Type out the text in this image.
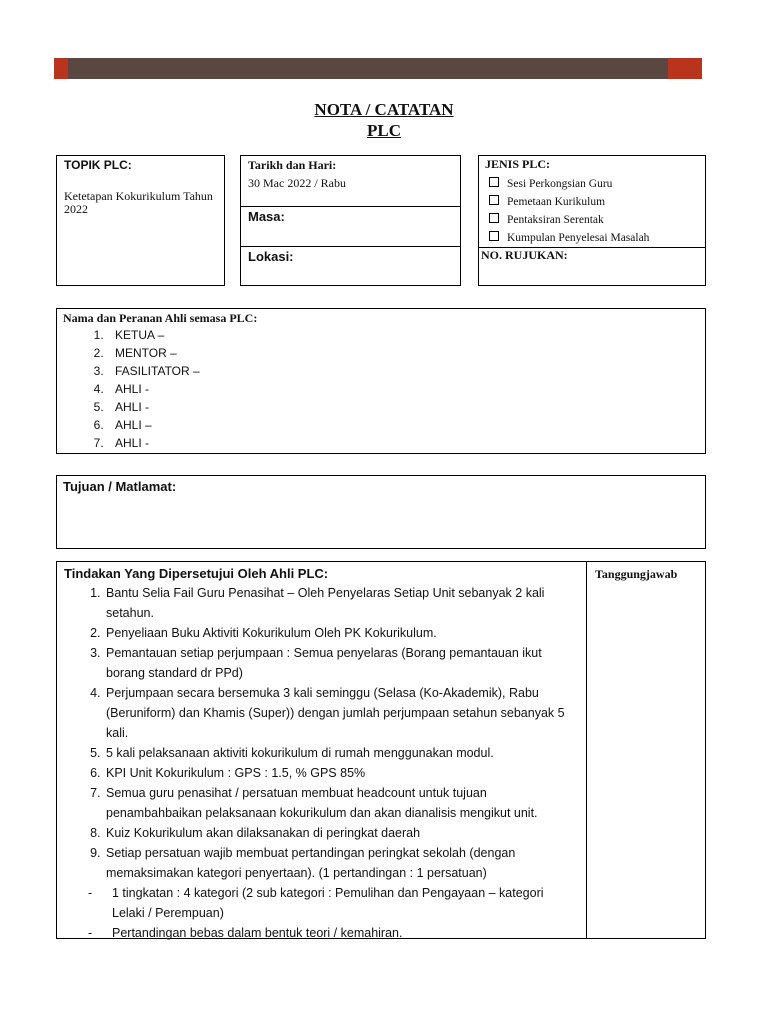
NOTA / CATATAN
PLC
TOPIK PLC:
Ketetapan Kokurikulum Tahun 2022
Tarikh dan Hari:
30 Mac 2022 / Rabu
Masa:
Lokasi:
JENIS PLC:
Sesi Perkongsian Guru
Pemetaan Kurikulum
Pentaksiran Serentak
Kumpulan Penyelesai Masalah
NO. RUJUKAN:
Nama dan Peranan Ahli semasa PLC:
1. KETUA –
2. MENTOR –
3. FASILITATOR –
4. AHLI -
5. AHLI -
6. AHLI –
7. AHLI -
Tujuan / Matlamat:
Tindakan Yang Dipersetujui Oleh Ahli PLC:
1. Bantu Selia Fail Guru Penasihat – Oleh Penyelaras Setiap Unit sebanyak 2 kali setahun.
2. Penyeliaan Buku Aktiviti Kokurikulum Oleh PK Kokurikulum.
3. Pemantauan setiap perjumpaan : Semua penyelaras (Borang pemantauan ikut borang standard dr PPd)
4. Perjumpaan secara bersemuka 3 kali seminggu (Selasa (Ko-Akademik), Rabu (Beruniform) dan Khamis (Super)) dengan jumlah perjumpaan setahun sebanyak 5 kali.
5. 5 kali pelaksanaan aktiviti kokurikulum di rumah menggunakan modul.
6. KPI Unit Kokurikulum : GPS : 1.5, % GPS 85%
7. Semua guru penasihat / persatuan membuat headcount untuk tujuan penambahbaikan pelaksanaan kokurikulum dan akan dianalisis mengikut unit.
8. Kuiz Kokurikulum akan dilaksanakan di peringkat daerah
9. Setiap persatuan wajib membuat pertandingan peringkat sekolah (dengan memaksimakan kategori penyertaan). (1 pertandingan : 1 persatuan)
- 1 tingkatan : 4 kategori (2 sub kategori : Pemulihan dan Pengayaan – kategori Lelaki / Perempuan)
- Pertandingan bebas dalam bentuk teori / kemahiran.
Tanggungjawab
